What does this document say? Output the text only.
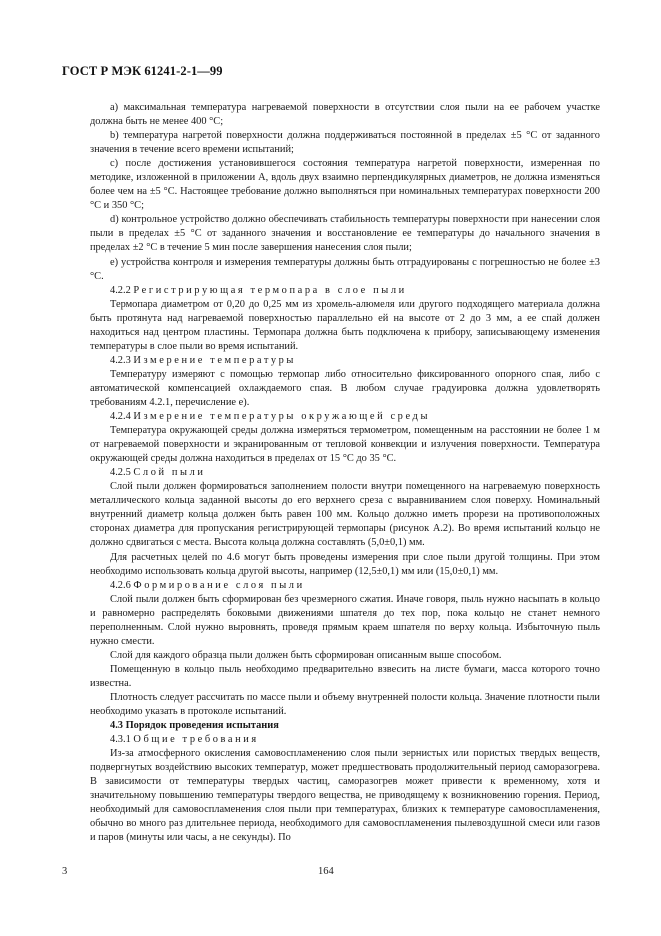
ГОСТ Р МЭК 61241-2-1—99

а) максимальная температура нагреваемой поверхности в отсутствии слоя пыли на ее рабочем участке должна быть не менее 400 °С;

b) температура нагретой поверхности должна поддерживаться постоянной в пределах ±5 °С от заданного значения в течение всего времени испытаний;

c) после достижения установившегося состояния температура нагретой поверхности, измеренная по методике, изложенной в приложении А, вдоль двух взаимно перпендикулярных диаметров, не должна изменяться более чем на ±5 °С. Настоящее требование должно выполняться при номинальных температурах поверхности 200 °С и 350 °С;

d) контрольное устройство должно обеспечивать стабильность температуры поверхности при нанесении слоя пыли в пределах ±5 °С от заданного значения и восстановление ее температуры до начального значения в пределах ±2 °С в течение 5 мин после завершения нанесения слоя пыли;

е) устройства контроля и измерения температуры должны быть отградуированы с погрешностью не более ±3 °С.

4.2.2 Регистрирующая термопара в слое пыли

Термопара диаметром от 0,20 до 0,25 мм из хромель-алюмеля или другого подходящего материала должна быть протянута над нагреваемой поверхностью параллельно ей на высоте от 2 до 3 мм, а ее спай должен находиться над центром пластины. Термопара должна быть подключена к прибору, записывающему изменения температуры в слое пыли во время испытаний.

4.2.3 Измерение температуры

Температуру измеряют с помощью термопар либо относительно фиксированного опорного спая, либо с автоматической компенсацией охлаждаемого спая. В любом случае градуировка должна удовлетворять требованиям 4.2.1, перечисление е).

4.2.4 Измерение температуры окружающей среды

Температура окружающей среды должна измеряться термометром, помещенным на расстоянии не более 1 м от нагреваемой поверхности и экранированным от тепловой конвекции и излучения поверхности. Температура окружающей среды должна находиться в пределах от 15 °С до 35 °С.

4.2.5 Слой пыли

Слой пыли должен формироваться заполнением полости внутри помещенного на нагреваемую поверхность металлического кольца заданной высоты до его верхнего среза с выравниванием слоя поверху. Номинальный внутренний диаметр кольца должен быть равен 100 мм. Кольцо должно иметь прорези на противоположных сторонах диаметра для пропускания регистрирующей термопары (рисунок А.2). Во время испытаний кольцо не должно сдвигаться с места. Высота кольца должна составлять (5,0±0,1) мм.

Для расчетных целей по 4.6 могут быть проведены измерения при слое пыли другой толщины. При этом необходимо использовать кольца другой высоты, например (12,5±0,1) мм или (15,0±0,1) мм.

4.2.6 Формирование слоя пыли

Слой пыли должен быть сформирован без чрезмерного сжатия. Иначе говоря, пыль нужно насыпать в кольцо и равномерно распределять боковыми движениями шпателя до тех пор, пока кольцо не станет немного переполненным. Слой нужно выровнять, проведя прямым краем шпателя по верху кольца. Избыточную пыль нужно смести.

Слой для каждого образца пыли должен быть сформирован описанным выше способом.

Помещенную в кольцо пыль необходимо предварительно взвесить на листе бумаги, масса которого точно известна.

Плотность следует рассчитать по массе пыли и объему внутренней полости кольца. Значение плотности пыли необходимо указать в протоколе испытаний.

4.3 Порядок проведения испытания

4.3.1 Общие требования

Из-за атмосферного окисления самовоспламенению слоя пыли зернистых или пористых твердых веществ, подвергнутых воздействию высоких температур, может предшествовать продолжительный период саморазогрева. В зависимости от температуры твердых частиц, саморазогрев может привести к временному, хотя и значительному повышению температуры твердого вещества, не приводящему к возникновению горения. Период, необходимый для самовоспламенения слоя пыли при температурах, близких к температуре самовоспламенения, обычно во много раз длительнее периода, необходимого для самовоспламенения пылевоздушной смеси или газов и паров (минуты или часы, а не секунды). По

3	164
